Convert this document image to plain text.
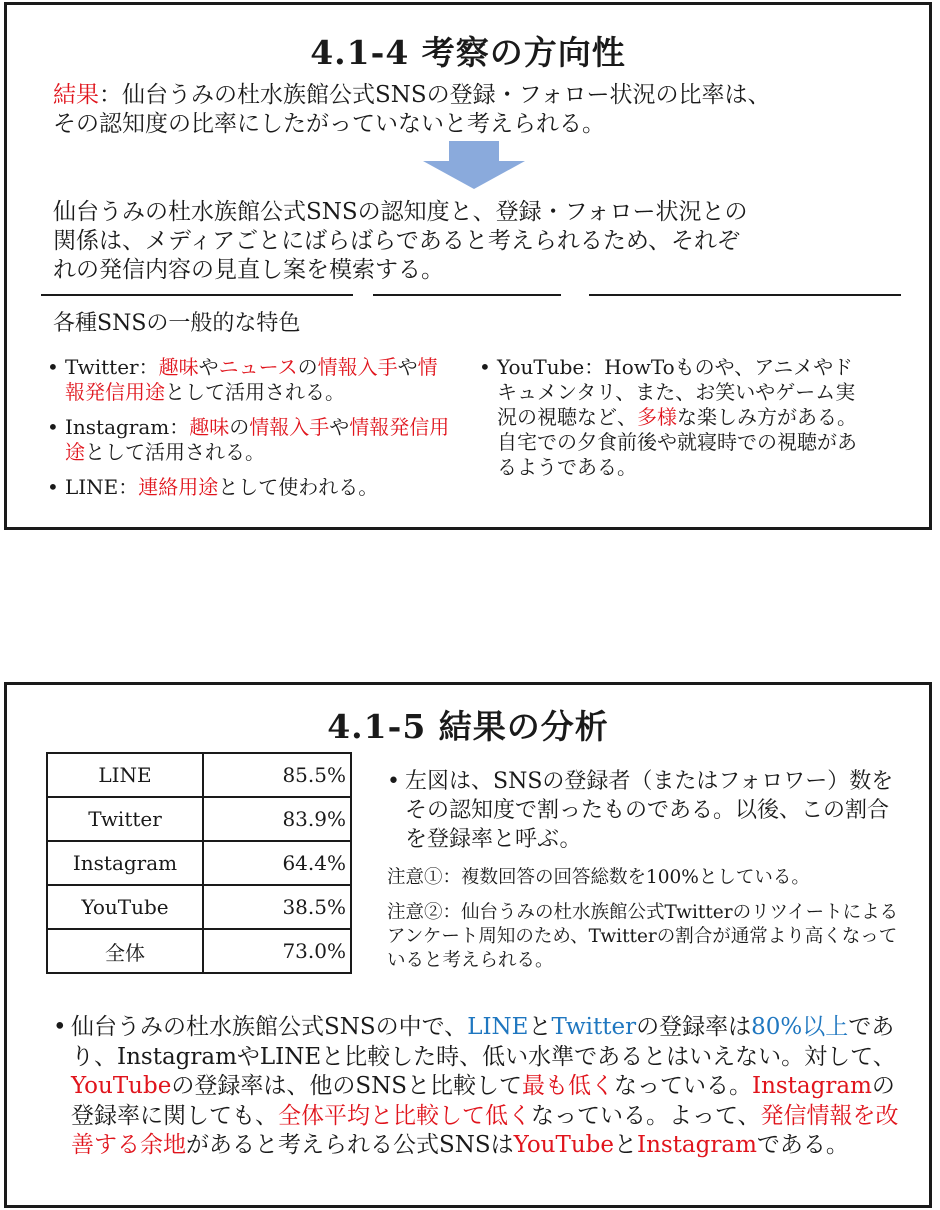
4.1-4 考察の方向性
結果：仙台うみの杜水族館公式SNSの登録・フォロー状況の比率は、
その認知度の比率にしたがっていないと考えられる。
仙台うみの杜水族館公式SNSの認知度と、登録・フォロー状況との
関係は、メディアごとにばらばらであると考えられるため、それぞ
れの発信内容の見直し案を模索する。
各種SNSの一般的な特色
• Twitter：趣味やニュースの情報入手や情報発信用途として活用される。
• Instagram：趣味の情報入手や情報発信用途として活用される。
• LINE：連絡用途として使われる。
• YouTube：HowToものや、アニメやドキュメンタリ、また、お笑いやゲーム実況の視聴など、多様な楽しみ方がある。自宅での夕食前後や就寝時での視聴があるようである。
4.1-5 結果の分析
LINE	85.5%
Twitter	83.9%
Instagram	64.4%
YouTube	38.5%
全体	73.0%
• 左図は、SNSの登録者（またはフォロワー）数をその認知度で割ったものである。以後、この割合を登録率と呼ぶ。
注意①：複数回答の回答総数を100%としている。
注意②：仙台うみの杜水族館公式Twitterのリツイートによるアンケート周知のため、Twitterの割合が通常より高くなっていると考えられる。
• 仙台うみの杜水族館公式SNSの中で、LINEとTwitterの登録率は80%以上であり、InstagramやLINEと比較した時、低い水準であるとはいえない。対して、YouTubeの登録率は、他のSNSと比較して最も低くなっている。Instagramの登録率に関しても、全体平均と比較して低くなっている。よって、発信情報を改善する余地があると考えられる公式SNSはYouTubeとInstagramである。
